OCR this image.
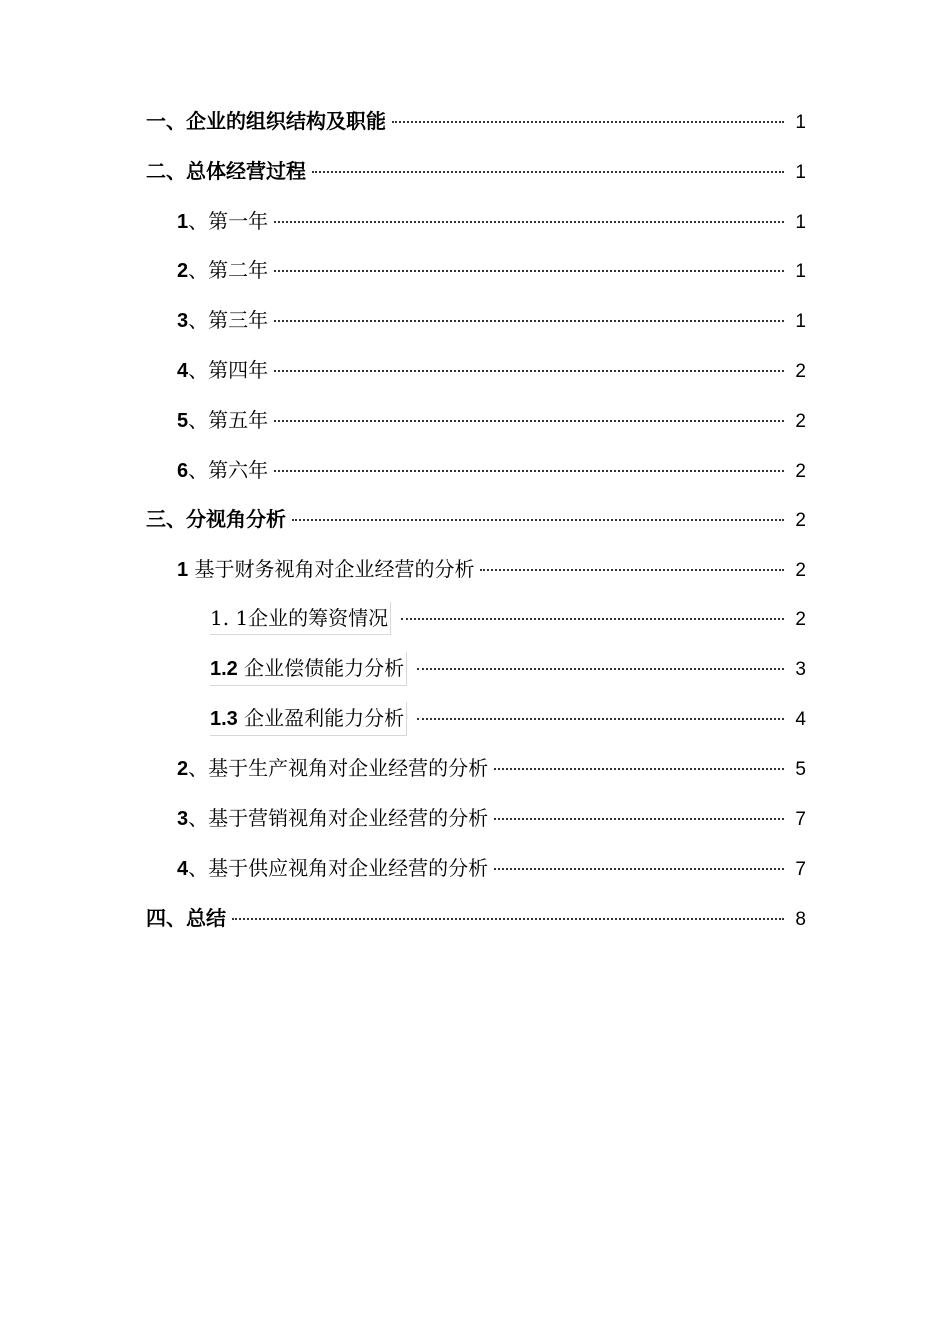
一、企业的组织结构及职能	1
二、总体经营过程	1
1、第一年	1
2、第二年	1
3、第三年	1
4、第四年	2
5、第五年	2
6、第六年	2
三、分视角分析	2
1 基于财务视角对企业经营的分析	2
1. 1企业的筹资情况	2
1.2 企业偿债能力分析	3
1.3 企业盈利能力分析	4
2、基于生产视角对企业经营的分析	5
3、基于营销视角对企业经营的分析	7
4、基于供应视角对企业经营的分析	7
四、总结	8
